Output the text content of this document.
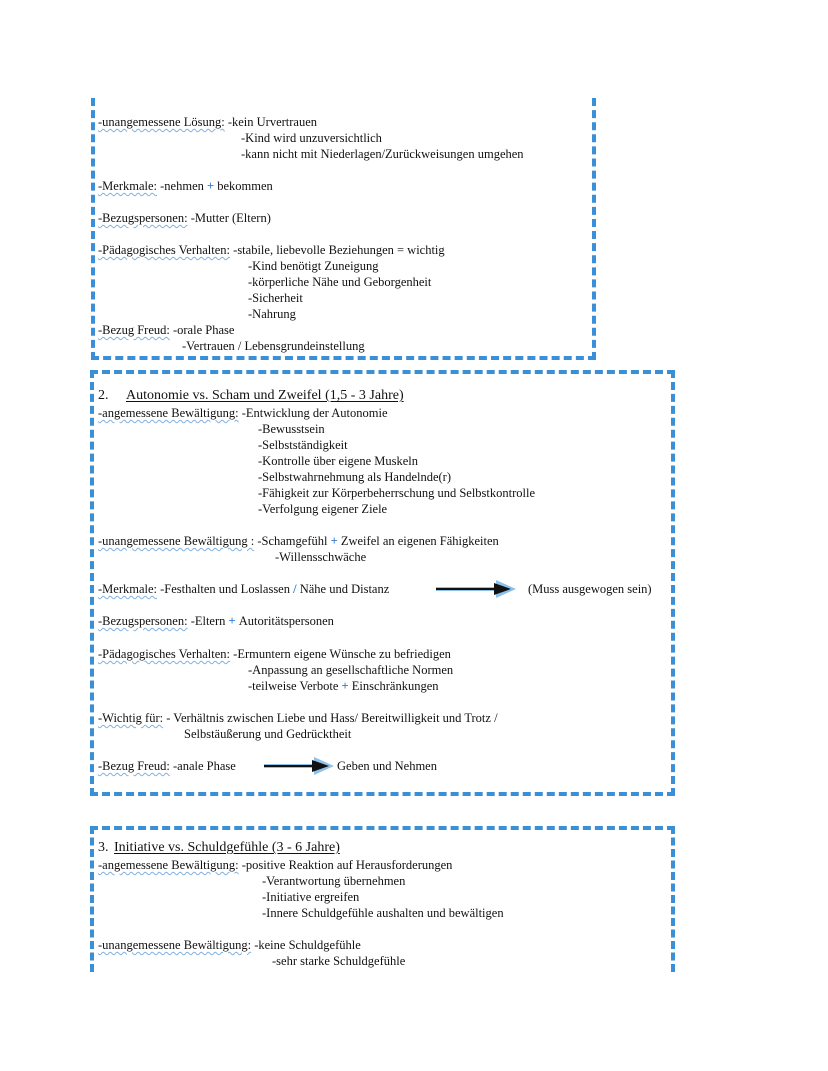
-unangemessene Lösung: -kein Urvertrauen
-Kind wird unzuversichtlich
-kann nicht mit Niederlagen/Zurückweisungen umgehen
-Merkmale: -nehmen + bekommen
-Bezugspersonen: -Mutter (Eltern)
-Pädagogisches Verhalten: -stabile, liebevolle Beziehungen = wichtig
-Kind benötigt Zuneigung
-körperliche Nähe und Geborgenheit
-Sicherheit
-Nahrung
-Bezug Freud: -orale Phase
-Vertrauen / Lebensgrundeinstellung
2. Autonomie vs. Scham und Zweifel (1,5 - 3 Jahre)
-angemessene Bewältigung: -Entwicklung der Autonomie
-Bewusstsein
-Selbstständigkeit
-Kontrolle über eigene Muskeln
-Selbstwahrnehmung als Handelnde(r)
-Fähigkeit zur Körperbeherrschung und Selbstkontrolle
-Verfolgung eigener Ziele
-unangemessene Bewältigung : -Schamgefühl + Zweifel an eigenen Fähigkeiten
-Willensschwäche
-Merkmale: -Festhalten und Loslassen / Nähe und Distanz	(Muss ausgewogen sein)
-Bezugspersonen: -Eltern + Autoritätspersonen
-Pädagogisches Verhalten: -Ermuntern eigene Wünsche zu befriedigen
-Anpassung an gesellschaftliche Normen
-teilweise Verbote + Einschränkungen
-Wichtig für: - Verhältnis zwischen Liebe und Hass/ Bereitwilligkeit und Trotz /
Selbstäußerung und Gedrücktheit
-Bezug Freud: -anale Phase	Geben und Nehmen
3. Initiative vs. Schuldgefühle (3 - 6 Jahre)
-angemessene Bewältigung: -positive Reaktion auf Herausforderungen
-Verantwortung übernehmen
-Initiative ergreifen
-Innere Schuldgefühle aushalten und bewältigen
-unangemessene Bewältigung: -keine Schuldgefühle
-sehr starke Schuldgefühle
